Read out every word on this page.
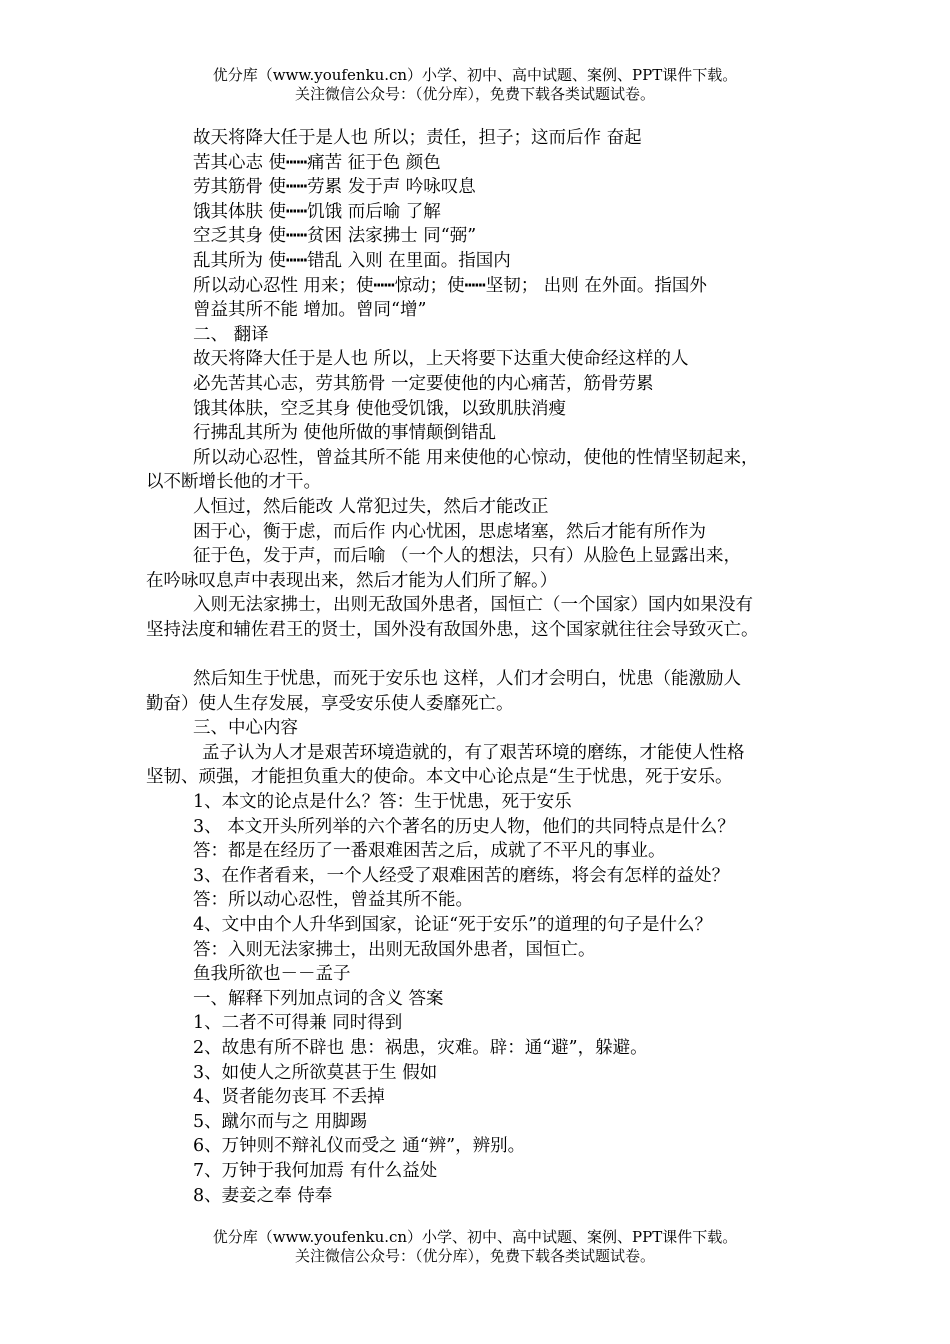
优分库（www.youfenku.cn）小学、初中、高中试题、案例、PPT课件下载。
关注微信公众号：（优分库），免费下载各类试题试卷。
故天将降大任于是人也 所以；责任，担子；这而后作 奋起
苦其心志 使┅┅痛苦 征于色 颜色
劳其筋骨 使┅┅劳累 发于声 吟咏叹息
饿其体肤 使┅┅饥饿 而后喻 了解
空乏其身 使┅┅贫困 法家拂士 同“弼”
乱其所为 使┅┅错乱 入则 在里面。指国内
所以动心忍性 用来；使┅┅惊动；使┅┅坚韧； 出则 在外面。指国外
曾益其所不能 增加。曾同“增”
二、 翻译
故天将降大任于是人也 所以，上天将要下达重大使命经这样的人
必先苦其心志，劳其筋骨 一定要使他的内心痛苦，筋骨劳累
饿其体肤，空乏其身 使他受饥饿，以致肌肤消瘦
行拂乱其所为 使他所做的事情颠倒错乱
所以动心忍性，曾益其所不能 用来使他的心惊动，使他的性情坚韧起来，
以不断增长他的才干。
人恒过，然后能改 人常犯过失，然后才能改正
困于心，衡于虑，而后作 内心忧困，思虑堵塞，然后才能有所作为
征于色，发于声，而后喻 （一个人的想法，只有）从脸色上显露出来，
在吟咏叹息声中表现出来，然后才能为人们所了解。）
入则无法家拂士，出则无敌国外患者，国恒亡（一个国家）国内如果没有
坚持法度和辅佐君王的贤士，国外没有敌国外患，这个国家就往往会导致灭亡。
然后知生于忧患，而死于安乐也 这样，人们才会明白，忧患（能激励人
勤奋）使人生存发展，享受安乐使人委靡死亡。
三、中心内容
孟子认为人才是艰苦环境造就的，有了艰苦环境的磨练，才能使人性格
坚韧、顽强，才能担负重大的使命。本文中心论点是“生于忧患，死于安乐。
1、本文的论点是什么？答：生于忧患，死于安乐
3、 本文开头所列举的六个著名的历史人物，他们的共同特点是什么？
答：都是在经历了一番艰难困苦之后，成就了不平凡的事业。
3、在作者看来，一个人经受了艰难困苦的磨练，将会有怎样的益处？
答：所以动心忍性，曾益其所不能。
4、文中由个人升华到国家，论证“死于安乐”的道理的句子是什么？
答：入则无法家拂士，出则无敌国外患者，国恒亡。
鱼我所欲也－－孟子
一、解释下列加点词的含义 答案
1、二者不可得兼 同时得到
2、故患有所不辟也 患：祸患，灾难。辟：通“避”，躲避。
3、如使人之所欲莫甚于生 假如
4、贤者能勿丧耳 不丢掉
5、蹴尔而与之 用脚踢
6、万钟则不辩礼仪而受之 通“辨”，辨别。
7、万钟于我何加焉 有什么益处
8、妻妾之奉 侍奉
优分库（www.youfenku.cn）小学、初中、高中试题、案例、PPT课件下载。
关注微信公众号：（优分库），免费下载各类试题试卷。
